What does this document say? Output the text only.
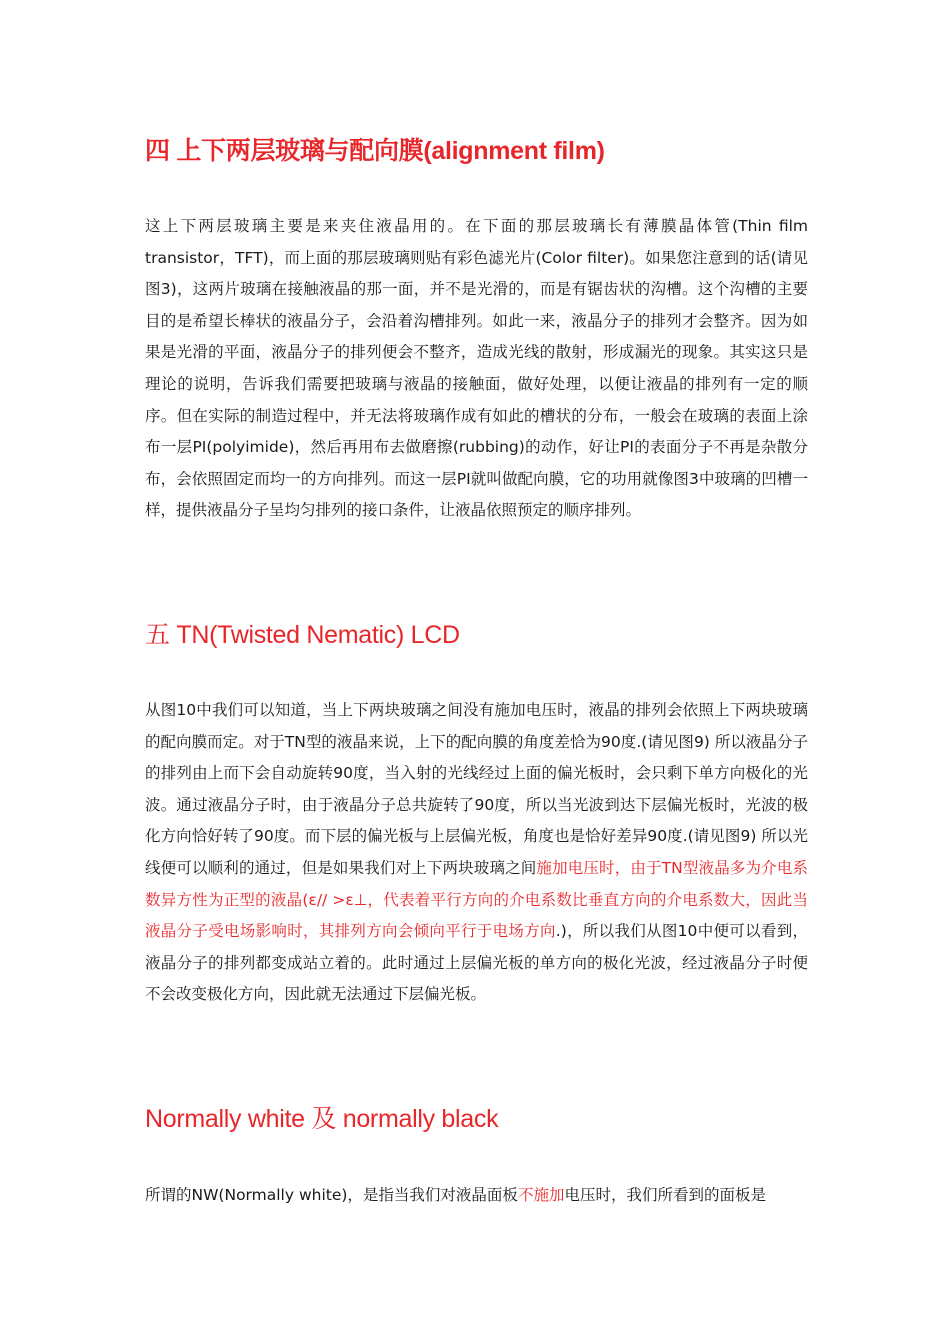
四 上下两层玻璃与配向膜(alignment film)

这上下两层玻璃主要是来夹住液晶用的。在下面的那层玻璃长有薄膜晶体管(Thin film transistor，TFT)，而上面的那层玻璃则贴有彩色滤光片(Color filter)。如果您注意到的话(请见图3)，这两片玻璃在接触液晶的那一面，并不是光滑的，而是有锯齿状的沟槽。这个沟槽的主要目的是希望长棒状的液晶分子，会沿着沟槽排列。如此一来，液晶分子的排列才会整齐。因为如果是光滑的平面，液晶分子的排列便会不整齐，造成光线的散射，形成漏光的现象。其实这只是理论的说明，告诉我们需要把玻璃与液晶的接触面，做好处理，以便让液晶的排列有一定的顺序。但在实际的制造过程中，并无法将玻璃作成有如此的槽状的分布，一般会在玻璃的表面上涂布一层PI(polyimide)，然后再用布去做磨擦(rubbing)的动作，好让PI的表面分子不再是杂散分布，会依照固定而均一的方向排列。而这一层PI就叫做配向膜，它的功用就像图3中玻璃的凹槽一样，提供液晶分子呈均匀排列的接口条件，让液晶依照预定的顺序排列。

五 TN(Twisted Nematic) LCD

从图10中我们可以知道，当上下两块玻璃之间没有施加电压时，液晶的排列会依照上下两块玻璃的配向膜而定。对于TN型的液晶来说，上下的配向膜的角度差恰为90度.(请见图9) 所以液晶分子的排列由上而下会自动旋转90度，当入射的光线经过上面的偏光板时，会只剩下单方向极化的光波。通过液晶分子时，由于液晶分子总共旋转了90度，所以当光波到达下层偏光板时，光波的极化方向恰好转了90度。而下层的偏光板与上层偏光板，角度也是恰好差异90度.(请见图9) 所以光线便可以顺利的通过，但是如果我们对上下两块玻璃之间施加电压时，由于TN型液晶多为介电系数异方性为正型的液晶(ε// >ε⊥，代表着平行方向的介电系数比垂直方向的介电系数大，因此当液晶分子受电场影响时，其排列方向会倾向平行于电场方向.)，所以我们从图10中便可以看到，液晶分子的排列都变成站立着的。此时通过上层偏光板的单方向的极化光波，经过液晶分子时便不会改变极化方向，因此就无法通过下层偏光板。

Normally white 及 normally black

所谓的NW(Normally white)，是指当我们对液晶面板不施加电压时，我们所看到的面板是
